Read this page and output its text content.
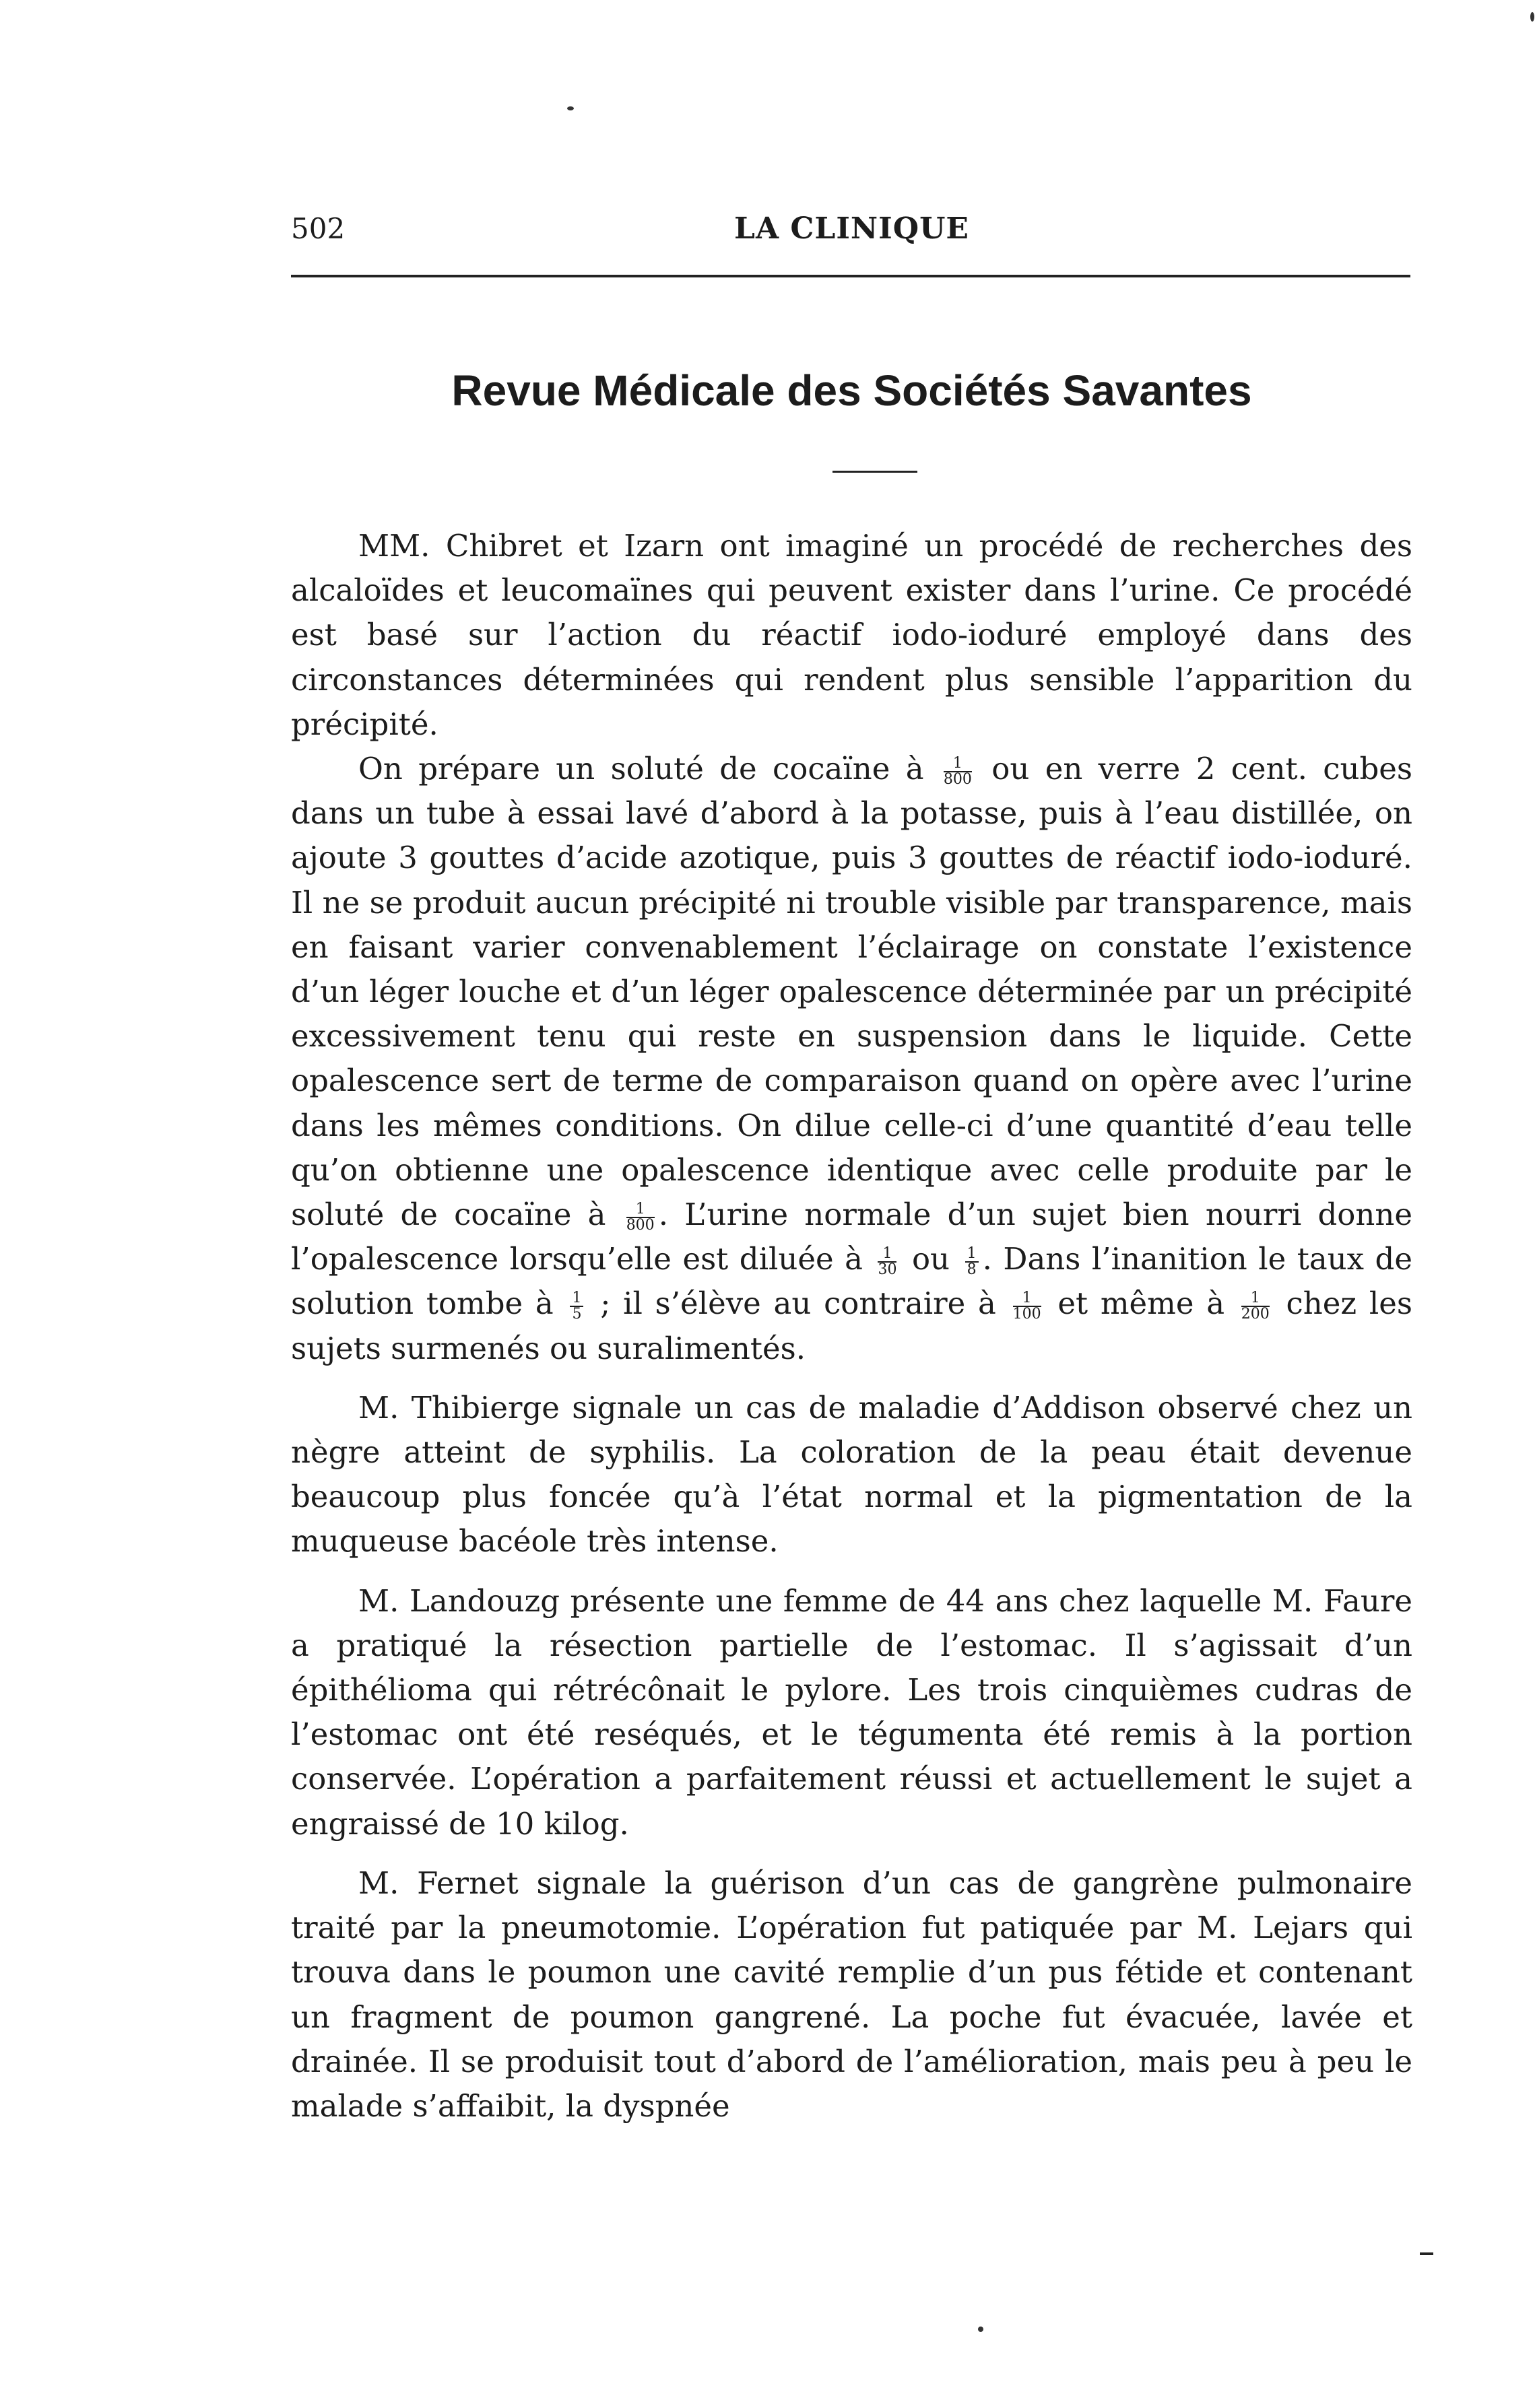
502	LA CLINIQUE
Revue Médicale des Sociétés Savantes

MM. Chibret et Izarn ont imaginé un procédé de recherches des alcaloïdes et leucomaïnes qui peuvent exister dans l’urine. Ce procédé est basé sur l’action du réactif iodo-ioduré employé dans des circonstances déterminées qui rendent plus sensible l’apparition du précipité.

On prépare un soluté de cocaïne à $\frac{1}{800}$ ou en verre 2 cent. cubes dans un tube à essai lavé d’abord à la potasse, puis à l’eau distillée, on ajoute 3 gouttes d’acide azotique, puis 3 gouttes de réactif iodo-ioduré. Il ne se produit aucun précipité ni trouble visible par transparence, mais en faisant varier convenablement l’éclairage on constate l’existence d’un léger louche et d’un léger opalescence déterminée par un précipité excessivement tenu qui reste en suspension dans le liquide. Cette opalescence sert de terme de comparaison quand on opère avec l’urine dans les mêmes conditions. On dilue celle-ci d’une quantité d’eau telle qu’on obtienne une opalescence identique avec celle produite par le soluté de cocaïne à $\frac{1}{800}$ . L’urine normale d’un sujet bien nourri donne l’opalescence lorsqu’elle est diluée à $\frac{1}{30}$ ou $\frac{1}{8}$ . Dans l’inanition le taux de solution tombe à $\frac{1}{5}$ ; il s’élève au contraire à $\frac{1}{100}$ et même à $\frac{1}{200}$ chez les sujets surmenés ou suralimentés.

M. Thibierge signale un cas de maladie d’Addison observé chez un nègre atteint de syphilis. La coloration de la peau était devenue beaucoup plus foncée qu’à l’état normal et la pigmentation de la muqueuse bacéole très intense.

M. Landouzg présente une femme de 44 ans chez laquelle M. Faure a pratiqué la résection partielle de l’estomac. Il s’agissait d’un épithélioma qui rétrécônait le pylore. Les trois cinquièmes cudras de l’estomac ont été reséqués, et le tégumenta été remis à la portion conservée. L’opération a parfaitement réussi et actuellement le sujet a engraissé de 10 kilog.

M. Fernet signale la guérison d’un cas de gangrène pulmonaire traité par la pneumotomie. L’opération fut patiquée par M. Lejars qui trouva dans le poumon une cavité remplie d’un pus fétide et contenant un fragment de poumon gangrené. La poche fut évacuée, lavée et drainée. Il se produisit tout d’abord de l’amélioration, mais peu à peu le malade s’affaibit, la dyspnée
